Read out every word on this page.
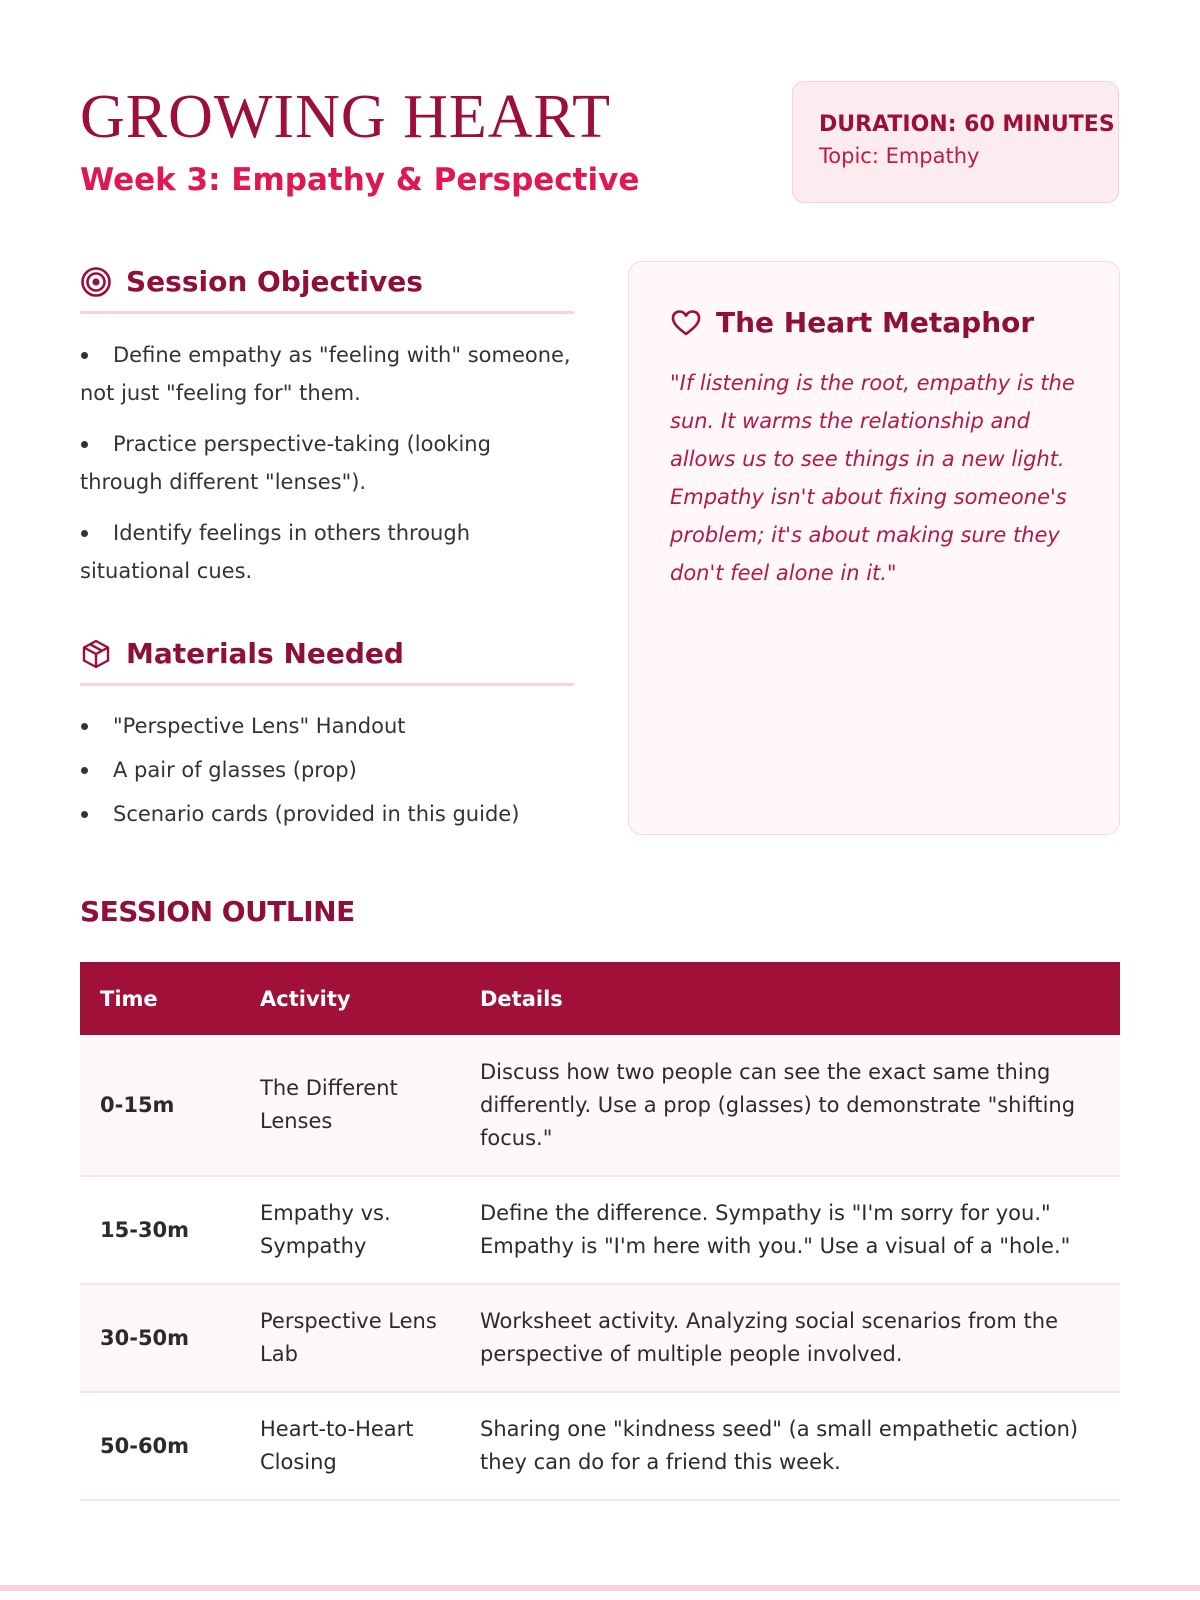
GROWING HEART
Week 3: Empathy & Perspective
DURATION: 60 MINUTES
Topic: Empathy
Session Objectives
Define empathy as "feeling with" someone, not just "feeling for" them.
Practice perspective-taking (looking through different "lenses").
Identify feelings in others through situational cues.
Materials Needed
"Perspective Lens" Handout
A pair of glasses (prop)
Scenario cards (provided in this guide)
The Heart Metaphor
"If listening is the root, empathy is the sun. It warms the relationship and allows us to see things in a new light. Empathy isn't about fixing someone's problem; it's about making sure they don't feel alone in it."
SESSION OUTLINE
Time	Activity	Details
0-15m	The Different Lenses	Discuss how two people can see the exact same thing differently. Use a prop (glasses) to demonstrate "shifting focus."
15-30m	Empathy vs. Sympathy	Define the difference. Sympathy is "I'm sorry for you." Empathy is "I'm here with you." Use a visual of a "hole."
30-50m	Perspective Lens Lab	Worksheet activity. Analyzing social scenarios from the perspective of multiple people involved.
50-60m	Heart-to-Heart Closing	Sharing one "kindness seed" (a small empathetic action) they can do for a friend this week.
